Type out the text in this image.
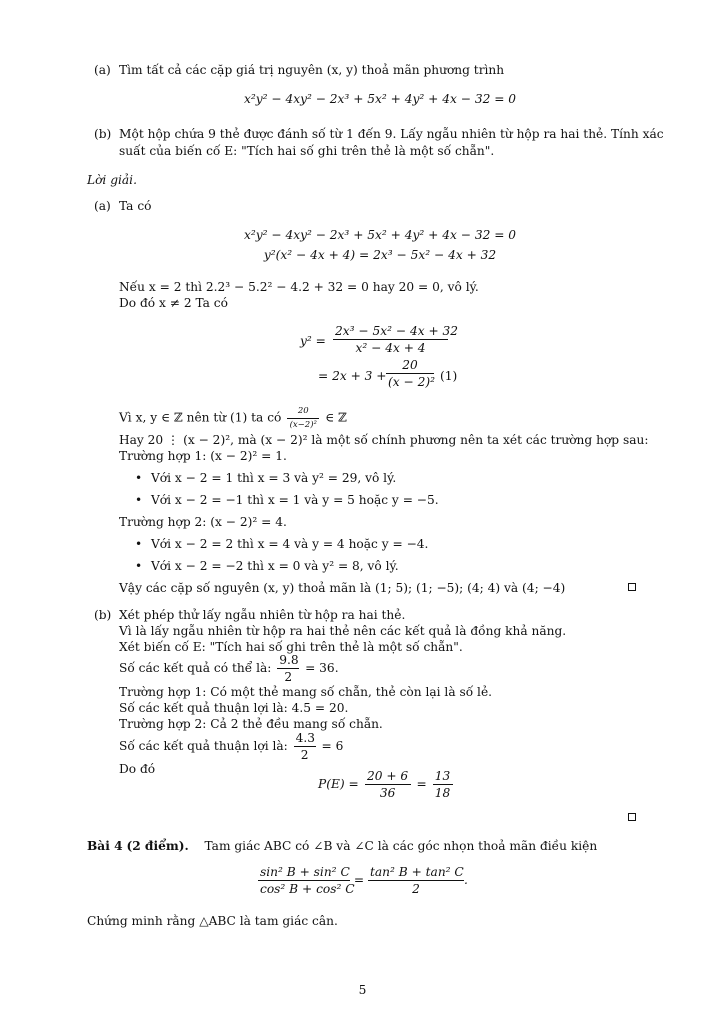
(a) Tìm tất cả các cặp giá trị nguyên (x, y) thoả mãn phương trình
x²y² − 4xy² − 2x³ + 5x² + 4y² + 4x − 32 = 0
(b) Một hộp chứa 9 thẻ được đánh số từ 1 đến 9. Lấy ngẫu nhiên từ hộp ra hai thẻ. Tính xác
suất của biến cố E: "Tích hai số ghi trên thẻ là một số chẵn".
Lời giải.
(a) Ta có
x²y² − 4xy² − 2x³ + 5x² + 4y² + 4x − 32 = 0
y²(x² − 4x + 4) = 2x³ − 5x² − 4x + 32
Nếu x = 2 thì 2.2³ − 5.2² − 4.2 + 32 = 0 hay 20 = 0, vô lý.
Do đó x ≠ 2 Ta có
$y^2 = \frac{\text{2x³ − 5x² − 4x + 32}}{\text{x² − 4x + 4}}$
= $2x + 3 + \frac{20}{\text{(x − 2)²}} (1)$
Vì x, y ∈ ℤ nên từ (1) ta có $\frac{20}{\text{(x−2)²}}$ ∈ ℤ
Hay 20 ⋮ (x − 2)², mà (x − 2)² là một số chính phương nên ta xét các trường hợp sau:
Trường hợp 1: (x − 2)² = 1.
• Với x − 2 = 1 thì x = 3 và y² = 29, vô lý.
• Với x − 2 = −1 thì x = 1 và y = 5 hoặc y = −5.
Trường hợp 2: (x − 2)² = 4.
• Với x − 2 = 2 thì x = 4 và y = 4 hoặc y = −4.
• Với x − 2 = −2 thì x = 0 và y² = 8, vô lý.
Vậy các cặp số nguyên (x, y) thoả mãn là (1; 5); (1; −5); (4; 4) và (4; −4)
(b) Xét phép thử lấy ngẫu nhiên từ hộp ra hai thẻ.
Vì là lấy ngẫu nhiên từ hộp ra hai thẻ nên các kết quả là đồng khả năng.
Xét biến cố E: "Tích hai số ghi trên thẻ là một số chẵn".
Số các kết quả có thể là: $\frac{9.8}{2} = 36$.
Trường hợp 1: Có một thẻ mang số chẵn, thẻ còn lại là số lẻ.
Số các kết quả thuận lợi là: 4.5 = 20.
Trường hợp 2: Cả 2 thẻ đều mang số chẵn.
Số các kết quả thuận lợi là: $\frac{4.3}{2} = 6$
Do đó
$P(E) = \frac{20 + 6}{36} = \frac{13}{18}$
Bài 4 (2 điểm). Tam giác ABC có ∠B và ∠C là các góc nhọn thoả mãn điều kiện
$\frac{\text{sin² B + sin² C}}{\text{cos² B + cos² C}} = \frac{\text{tan² B + tan² C}}{2}$ .
Chứng minh rằng △ABC là tam giác cân.
5
